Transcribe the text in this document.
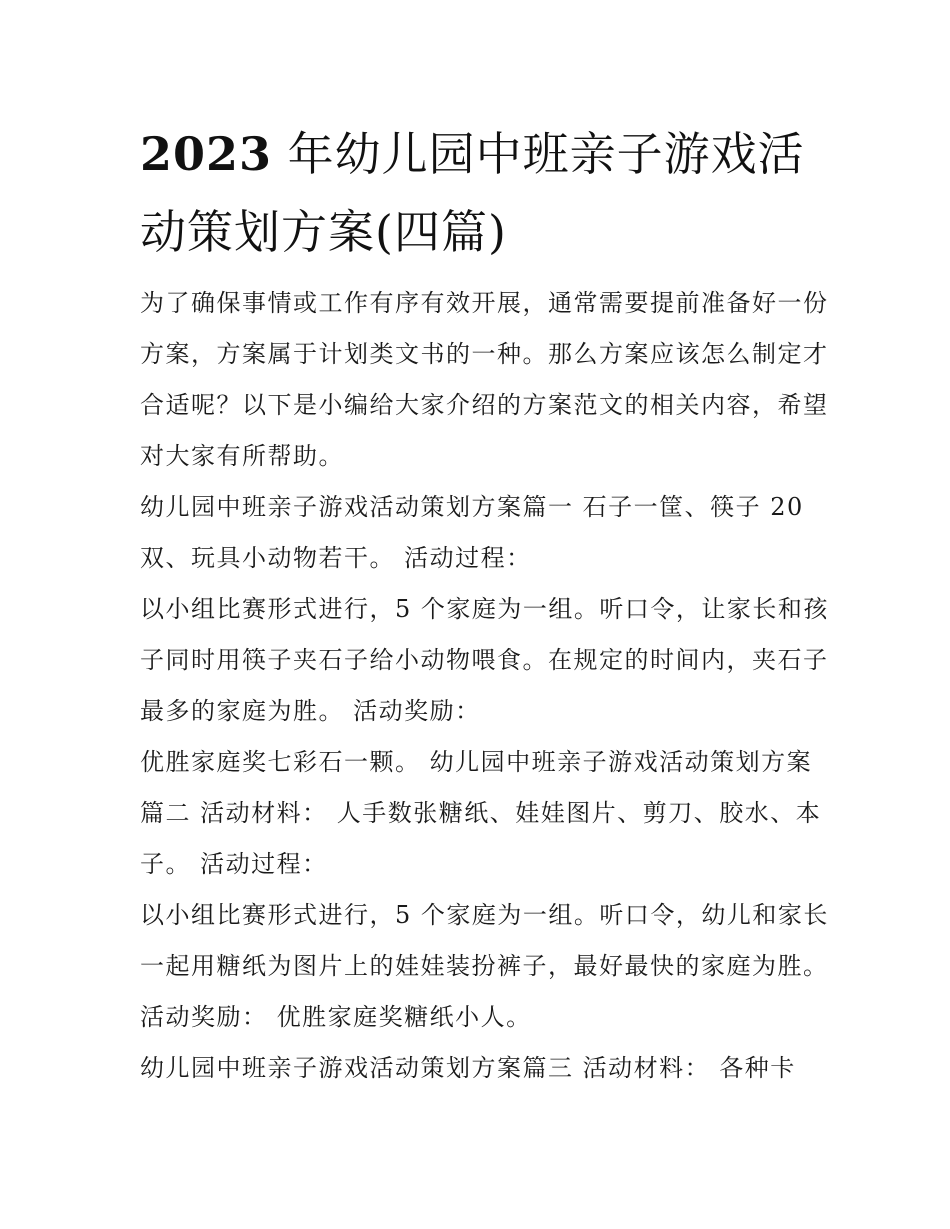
2023 年幼儿园中班亲子游戏活
动策划方案(四篇)
为了确保事情或工作有序有效开展，通常需要提前准备好一份
方案，方案属于计划类文书的一种。那么方案应该怎么制定才
合适呢？以下是小编给大家介绍的方案范文的相关内容，希望
对大家有所帮助。
幼儿园中班亲子游戏活动策划方案篇一 石子一筐、筷子 20
双、玩具小动物若干。 活动过程：
以小组比赛形式进行，5 个家庭为一组。听口令，让家长和孩
子同时用筷子夹石子给小动物喂食。在规定的时间内，夹石子
最多的家庭为胜。 活动奖励：
优胜家庭奖七彩石一颗。 幼儿园中班亲子游戏活动策划方案
篇二 活动材料： 人手数张糖纸、娃娃图片、剪刀、胶水、本
子。 活动过程：
以小组比赛形式进行，5 个家庭为一组。听口令，幼儿和家长
一起用糖纸为图片上的娃娃装扮裤子，最好最快的家庭为胜。
活动奖励： 优胜家庭奖糖纸小人。
幼儿园中班亲子游戏活动策划方案篇三 活动材料： 各种卡
